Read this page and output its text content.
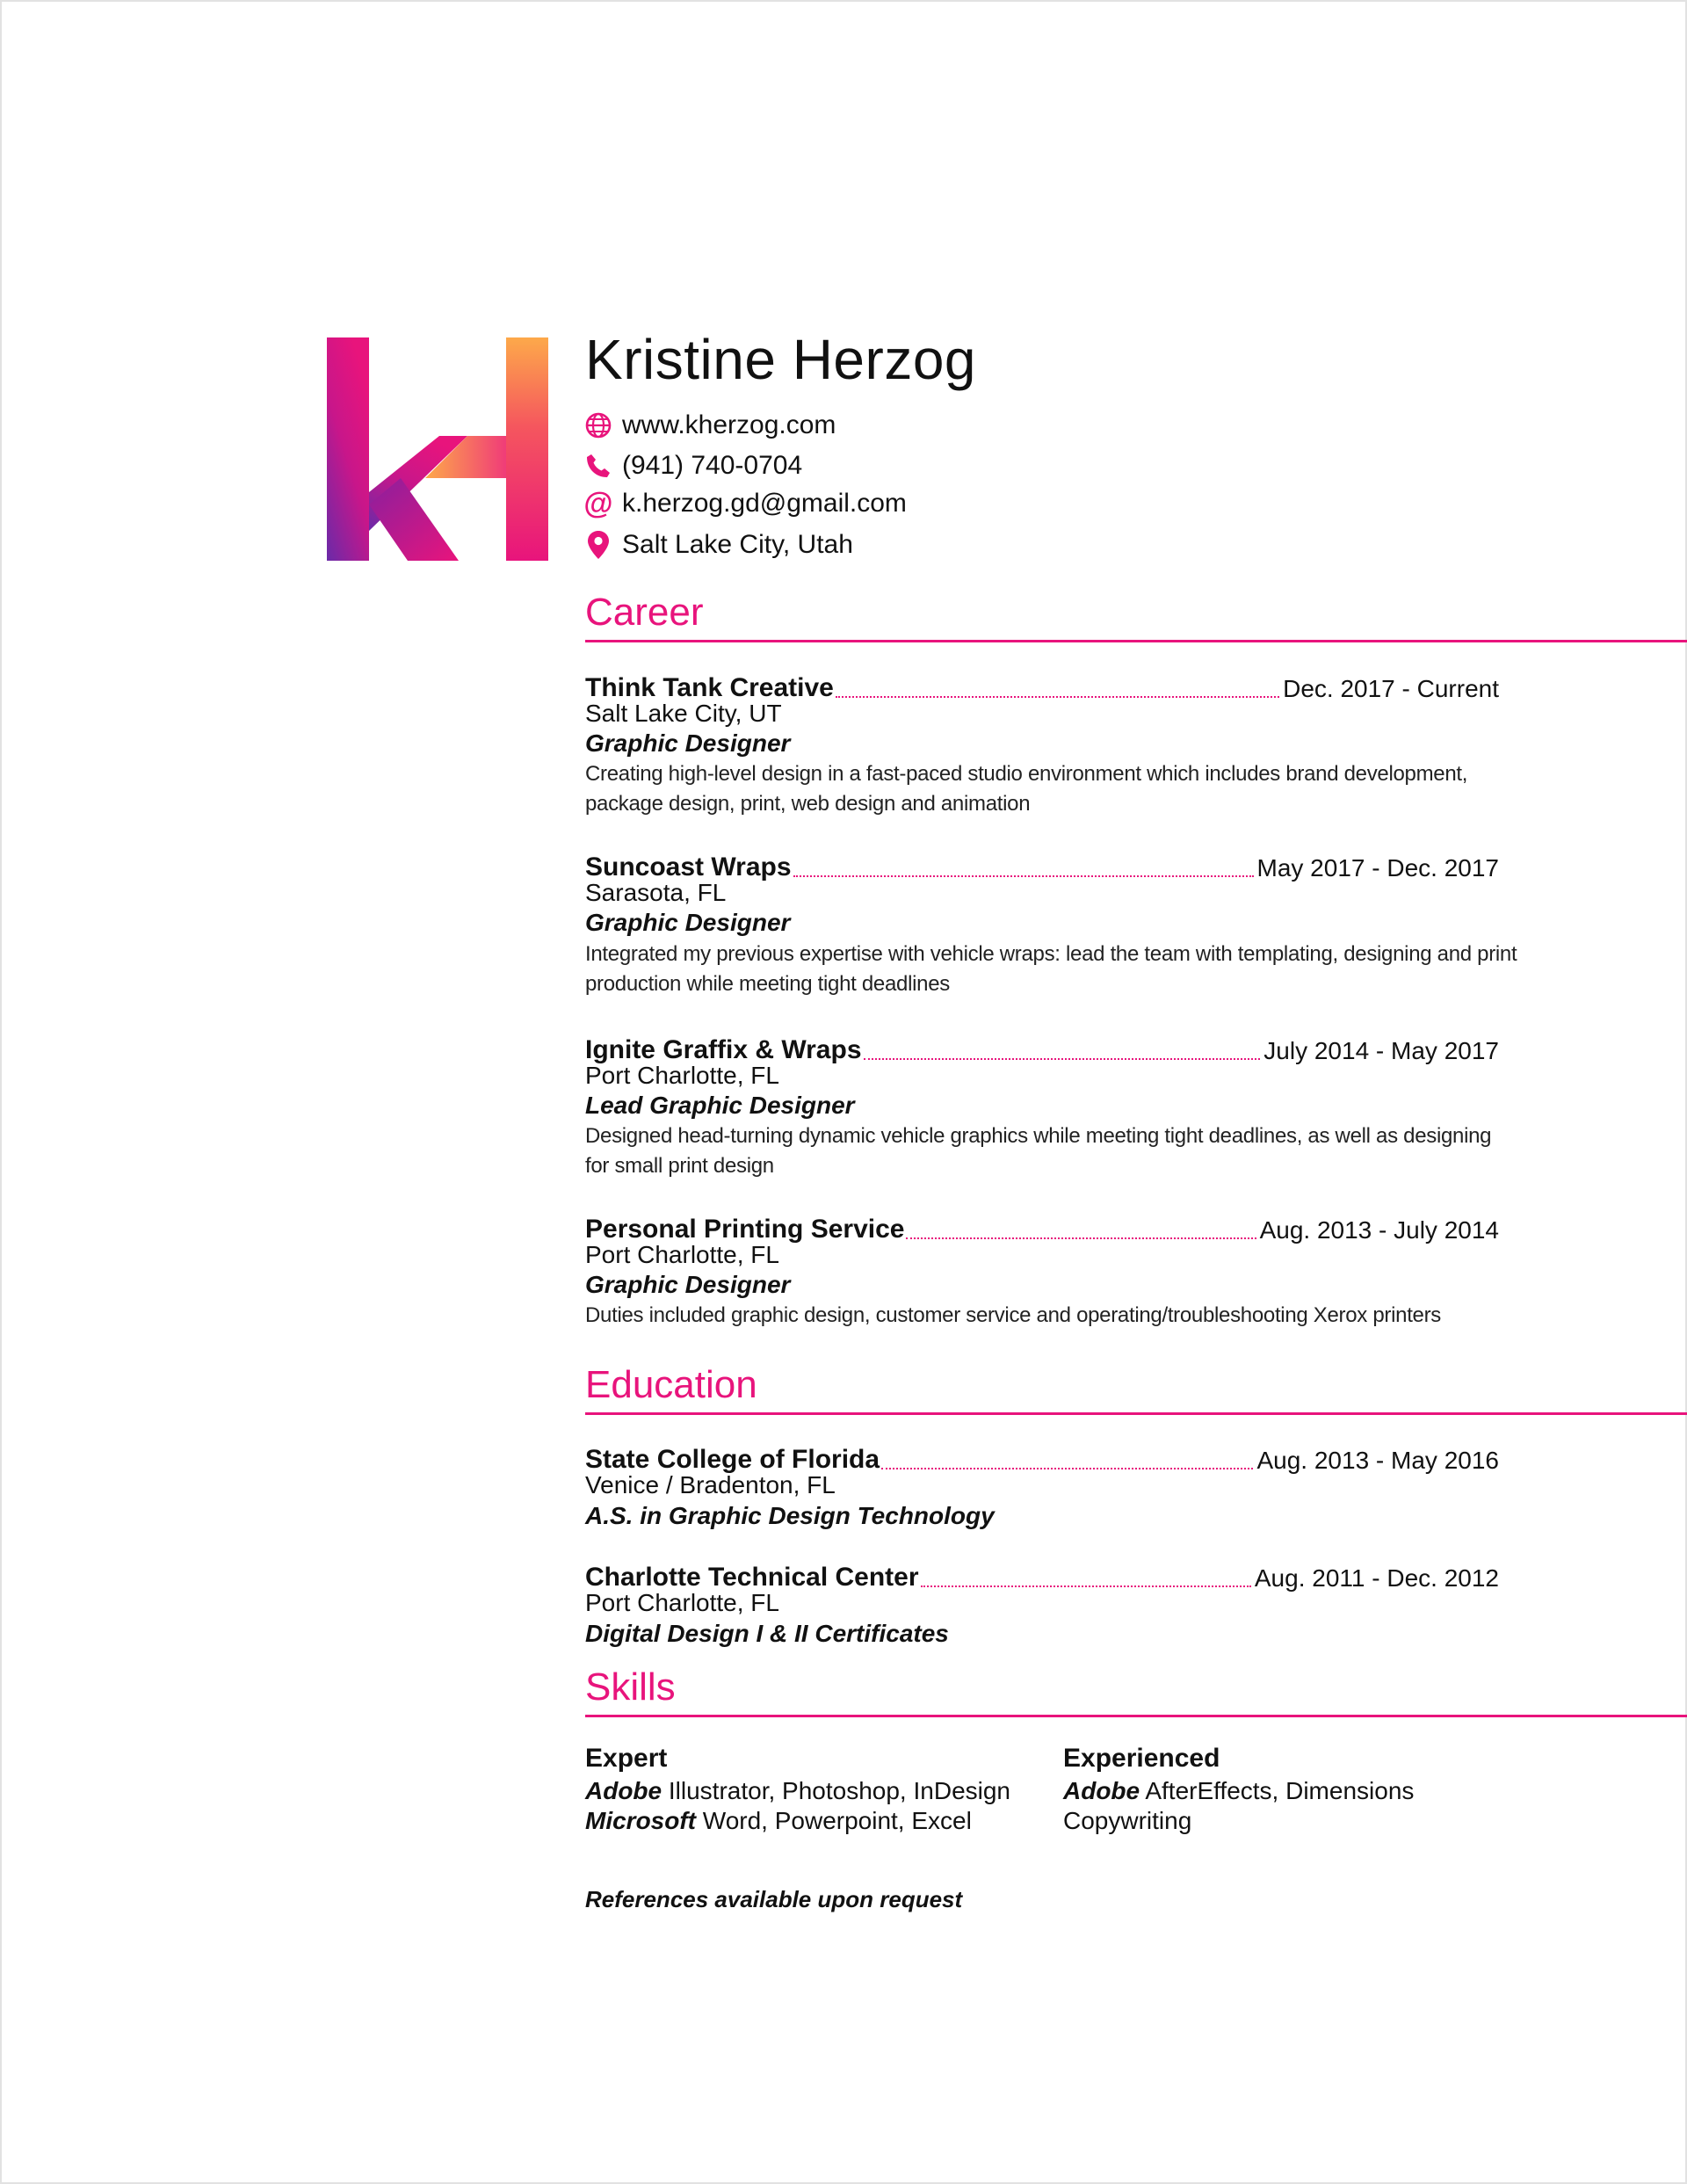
Kristine Herzog
www.kherzog.com
(941) 740-0704
@ k.herzog.gd@gmail.com
Salt Lake City, Utah
Career
Think Tank Creative	Dec. 2017 - Current
Salt Lake City, UT
Graphic Designer
Creating high-level design in a fast-paced studio environment which includes brand development,
package design, print, web design and animation
Suncoast Wraps	May 2017 - Dec. 2017
Sarasota, FL
Graphic Designer
Integrated my previous expertise with vehicle wraps: lead the team with templating, designing and print
production while meeting tight deadlines
Ignite Graffix & Wraps	July 2014 - May 2017
Port Charlotte, FL
Lead Graphic Designer
Designed head-turning dynamic vehicle graphics while meeting tight deadlines, as well as designing
for small print design
Personal Printing Service	Aug. 2013 - July 2014
Port Charlotte, FL
Graphic Designer
Duties included graphic design, customer service and operating/troubleshooting Xerox printers
Education
State College of Florida	Aug. 2013 - May 2016
Venice / Bradenton, FL
A.S. in Graphic Design Technology
Charlotte Technical Center	Aug. 2011 - Dec. 2012
Port Charlotte, FL
Digital Design I & II Certificates
Skills
Expert
Adobe Illustrator, Photoshop, InDesign
Microsoft Word, Powerpoint, Excel
Experienced
Adobe AfterEffects, Dimensions
Copywriting
References available upon request
